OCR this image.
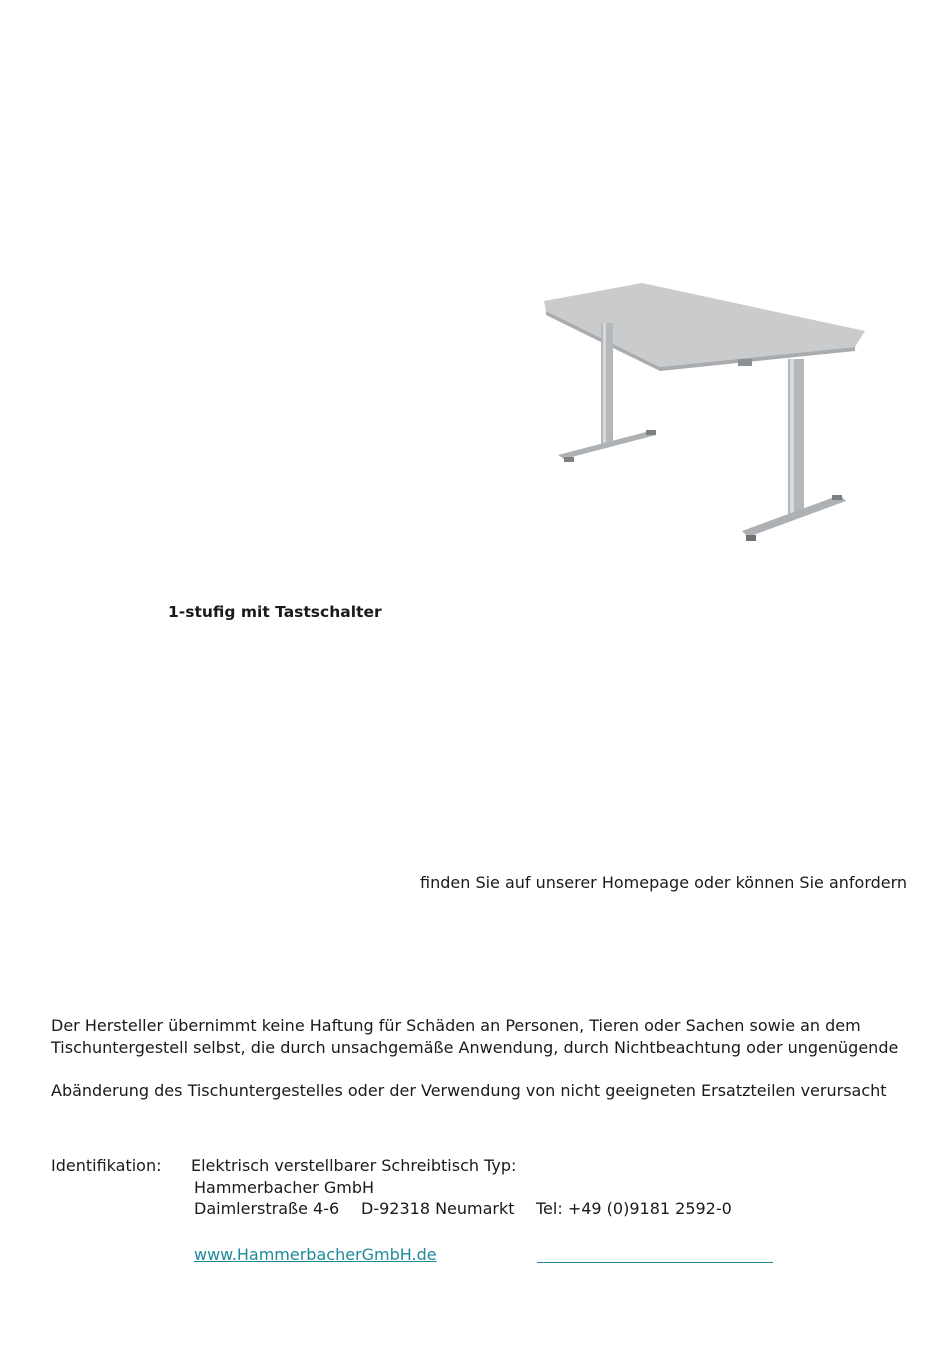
1-stufig mit Tastschalter
finden Sie auf unserer Homepage oder können Sie anfordern
Der Hersteller übernimmt keine Haftung für Schäden an Personen, Tieren oder Sachen sowie an dem
Tischuntergestell selbst, die durch unsachgemäße Anwendung, durch Nichtbeachtung oder ungenügende
Abänderung des Tischuntergestelles oder der Verwendung von nicht geeigneten Ersatzteilen verursacht
Identifikation: Elektrisch verstellbarer Schreibtisch Typ:
Hammerbacher GmbH
Daimlerstraße 4-6 D-92318 Neumarkt Tel: +49 (0)9181 2592-0
www.HammerbacherGmbH.de
